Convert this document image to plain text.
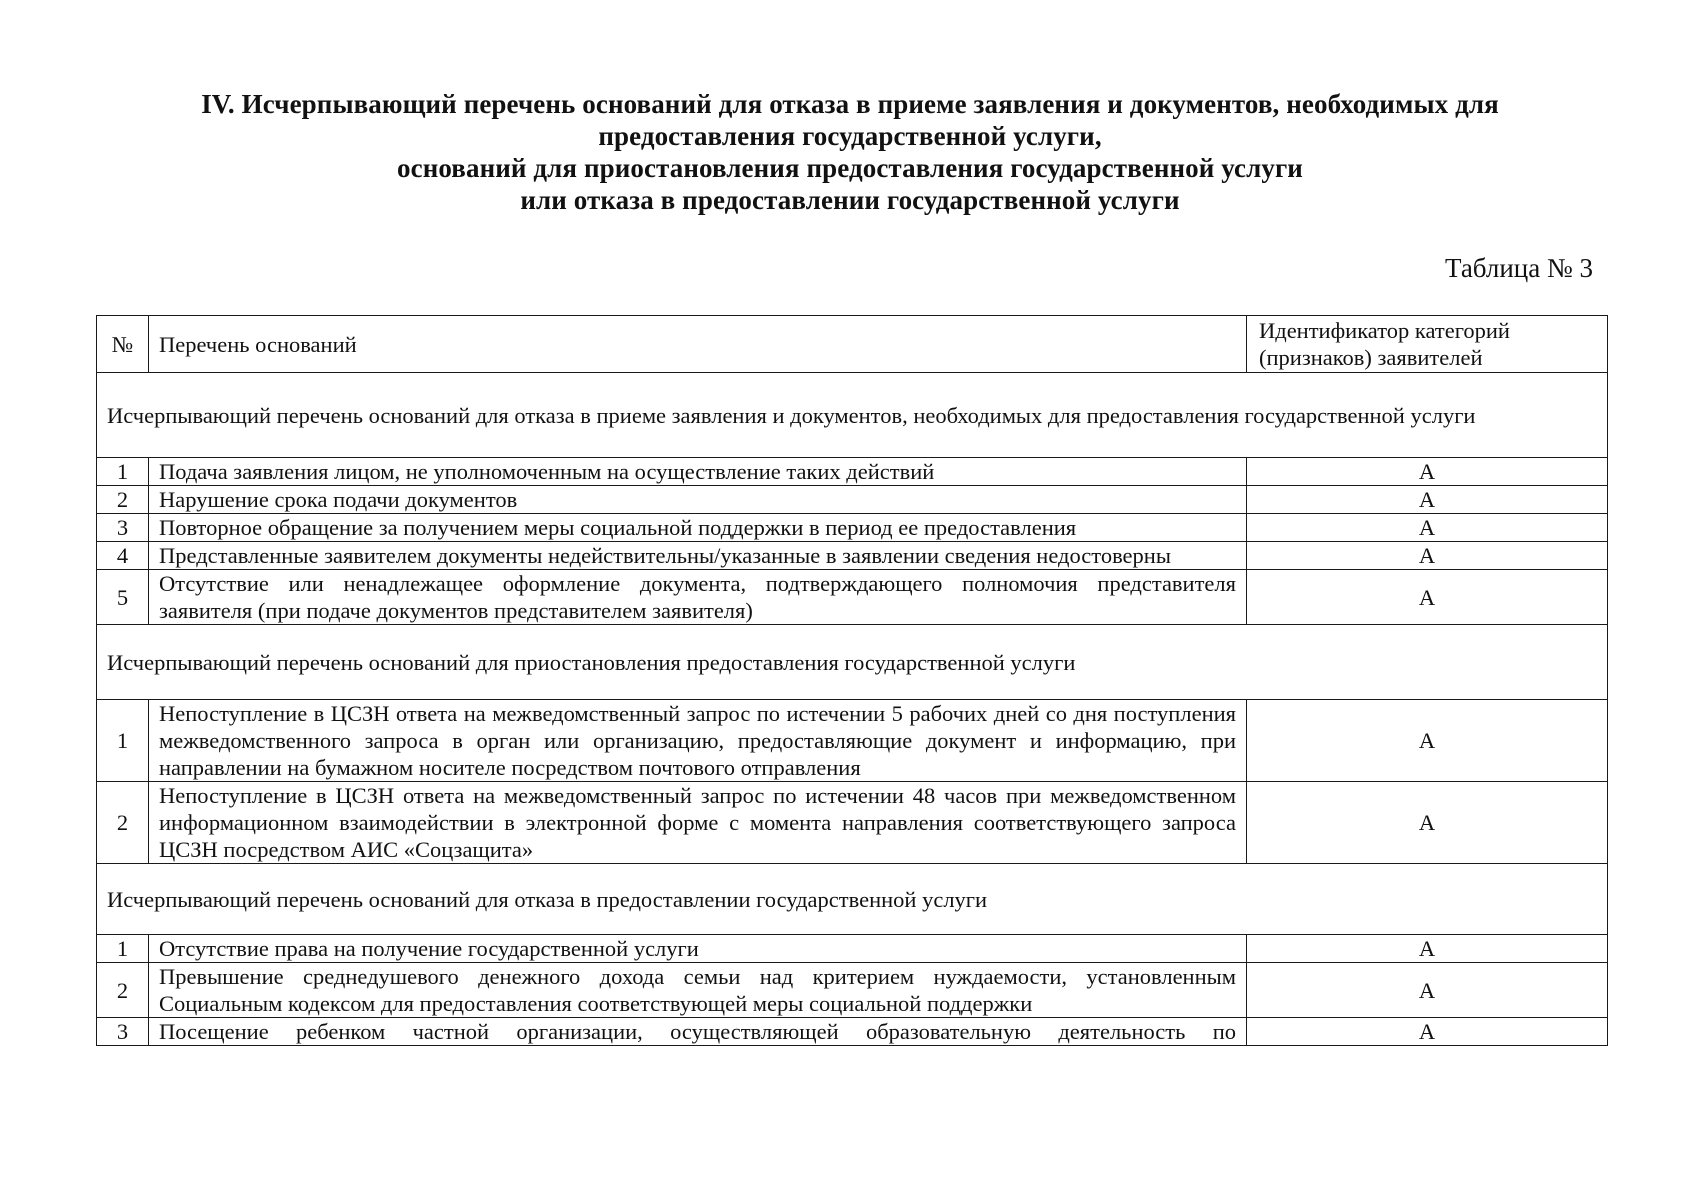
IV. Исчерпывающий перечень оснований для отказа в приеме заявления и документов, необходимых для
предоставления государственной услуги,
оснований для приостановления предоставления государственной услуги
или отказа в предоставлении государственной услуги
Таблица № 3
№	Перечень оснований	Идентификатор категорий (признаков) заявителей
Исчерпывающий перечень оснований для отказа в приеме заявления и документов, необходимых для предоставления государственной услуги		
1	Подача заявления лицом, не уполномоченным на осуществление таких действий	А
2	Нарушение срока подачи документов	А
3	Повторное обращение за получением меры социальной поддержки в период ее предоставления	А
4	Представленные заявителем документы недействительны/указанные в заявлении сведения недостоверны	А
5	Отсутствие или ненадлежащее оформление документа, подтверждающего полномочия представителя заявителя (при подаче документов представителем заявителя)	А
Исчерпывающий перечень оснований для приостановления предоставления государственной услуги		
1	Непоступление в ЦСЗН ответа на межведомственный запрос по истечении 5 рабочих дней со дня поступления межведомственного запроса в орган или организацию, предоставляющие документ и информацию, при направлении на бумажном носителе посредством почтового отправления	А
2	Непоступление в ЦСЗН ответа на межведомственный запрос по истечении 48 часов при межведомственном информационном взаимодействии в электронной форме с момента направления соответствующего запроса ЦСЗН посредством АИС «Соцзащита»	А
Исчерпывающий перечень оснований для отказа в предоставлении государственной услуги		
1	Отсутствие права на получение государственной услуги	А
2	Превышение среднедушевого денежного дохода семьи над критерием нуждаемости, установленным Социальным кодексом для предоставления соответствующей меры социальной поддержки	А
3	Посещение ребенком частной организации, осуществляющей образовательную деятельность по	А
